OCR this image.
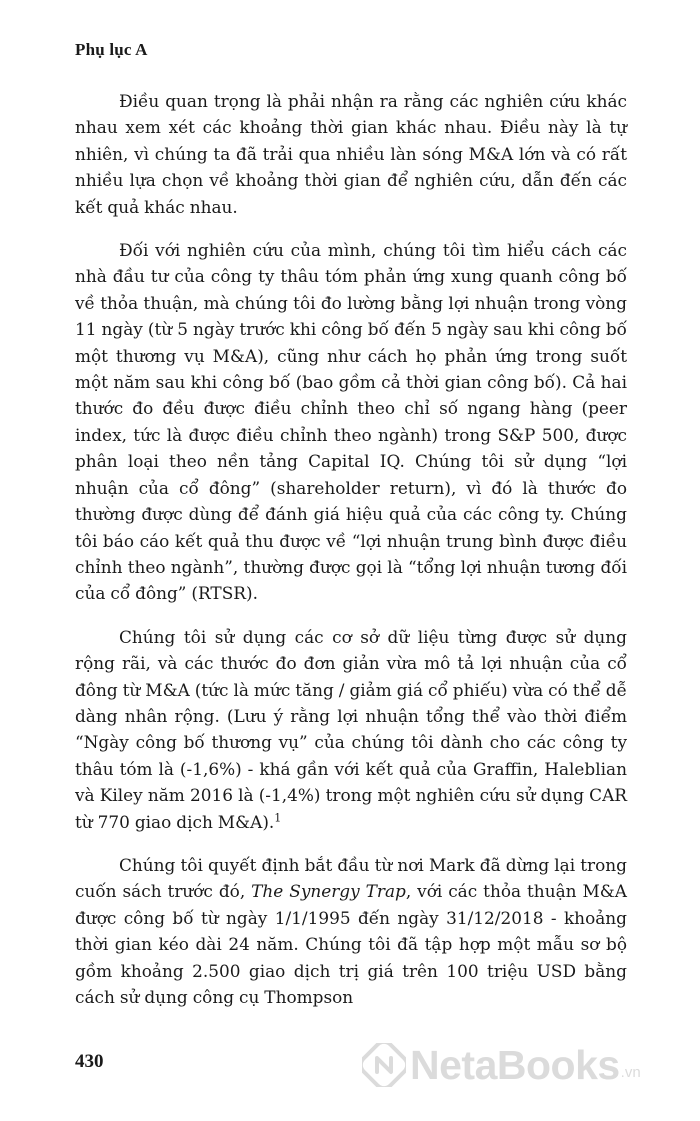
Phụ lục A

Điều quan trọng là phải nhận ra rằng các nghiên cứu khác nhau xem xét các khoảng thời gian khác nhau. Điều này là tự nhiên, vì chúng ta đã trải qua nhiều làn sóng M&A lớn và có rất nhiều lựa chọn về khoảng thời gian để nghiên cứu, dẫn đến các kết quả khác nhau.

Đối với nghiên cứu của mình, chúng tôi tìm hiểu cách các nhà đầu tư của công ty thâu tóm phản ứng xung quanh công bố về thỏa thuận, mà chúng tôi đo lường bằng lợi nhuận trong vòng 11 ngày (từ 5 ngày trước khi công bố đến 5 ngày sau khi công bố một thương vụ M&A), cũng như cách họ phản ứng trong suốt một năm sau khi công bố (bao gồm cả thời gian công bố). Cả hai thước đo đều được điều chỉnh theo chỉ số ngang hàng (peer index, tức là được điều chỉnh theo ngành) trong S&P 500, được phân loại theo nền tảng Capital IQ. Chúng tôi sử dụng “lợi nhuận của cổ đông” (shareholder return), vì đó là thước đo thường được dùng để đánh giá hiệu quả của các công ty. Chúng tôi báo cáo kết quả thu được về “lợi nhuận trung bình được điều chỉnh theo ngành”, thường được gọi là “tổng lợi nhuận tương đối của cổ đông” (RTSR).

Chúng tôi sử dụng các cơ sở dữ liệu từng được sử dụng rộng rãi, và các thước đo đơn giản vừa mô tả lợi nhuận của cổ đông từ M&A (tức là mức tăng / giảm giá cổ phiếu) vừa có thể dễ dàng nhân rộng. (Lưu ý rằng lợi nhuận tổng thể vào thời điểm “Ngày công bố thương vụ” của chúng tôi dành cho các công ty thâu tóm là (-1,6%) - khá gần với kết quả của Graffin, Haleblian và Kiley năm 2016 là (-1,4%) trong một nghiên cứu sử dụng CAR từ 770 giao dịch M&A).$^1$

Chúng tôi quyết định bắt đầu từ nơi Mark đã dừng lại trong cuốn sách trước đó, The Synergy Trap, với các thỏa thuận M&A được công bố từ ngày 1/1/1995 đến ngày 31/12/2018 - khoảng thời gian kéo dài 24 năm. Chúng tôi đã tập hợp một mẫu sơ bộ gồm khoảng 2.500 giao dịch trị giá trên 100 triệu USD bằng cách sử dụng công cụ Thompson

430	NetaBooks .vn
